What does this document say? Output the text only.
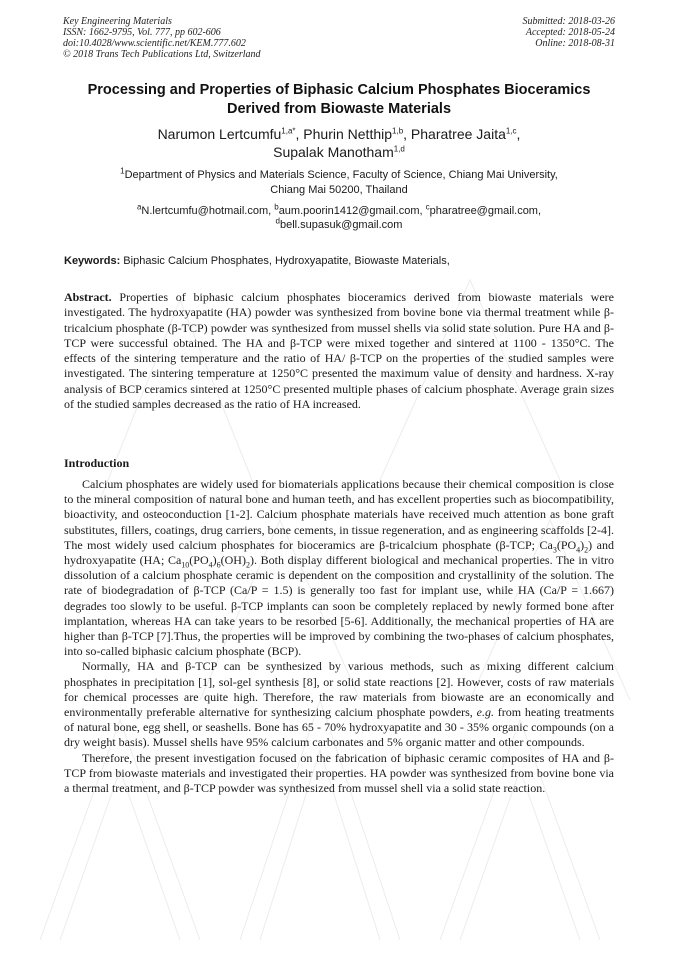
Key Engineering Materials
ISSN: 1662-9795, Vol. 777, pp 602-606
doi:10.4028/www.scientific.net/KEM.777.602
© 2018 Trans Tech Publications Ltd, Switzerland
Submitted: 2018-03-26
Accepted: 2018-05-24
Online: 2018-08-31
Processing and Properties of Biphasic Calcium Phosphates Bioceramics
Derived from Biowaste Materials
Narumon Lertcumfu$^{1,a*}$, Phurin Netthip$^{1,b}$, Pharatree Jaita$^{1,c}$,
Supalak Manotham$^{1,d}$
$^1$Department of Physics and Materials Science, Faculty of Science, Chiang Mai University,
Chiang Mai 50200, Thailand
$^a$N.lertcumfu@hotmail.com, $^b$aum.poorin1412@gmail.com, $^c$pharatree@gmail.com,
$^d$bell.supasuk@gmail.com
Keywords: Biphasic Calcium Phosphates, Hydroxyapatite, Biowaste Materials,
Abstract. Properties of biphasic calcium phosphates bioceramics derived from biowaste materials were investigated. The hydroxyapatite (HA) powder was synthesized from bovine bone via thermal treatment while β-tricalcium phosphate (β-TCP) powder was synthesized from mussel shells via solid state solution. Pure HA and β-TCP were successful obtained. The HA and β-TCP were mixed together and sintered at 1100 - 1350°C. The effects of the sintering temperature and the ratio of HA/ β-TCP on the properties of the studied samples were investigated. The sintering temperature at 1250°C presented the maximum value of density and hardness. X-ray analysis of BCP ceramics sintered at 1250°C presented multiple phases of calcium phosphate. Average grain sizes of the studied samples decreased as the ratio of HA increased.
Introduction

Calcium phosphates are widely used for biomaterials applications because their chemical composition is close to the mineral composition of natural bone and human teeth, and has excellent properties such as biocompatibility, bioactivity, and osteoconduction [1-2]. Calcium phosphate materials have received much attention as bone graft substitutes, fillers, coatings, drug carriers, bone cements, in tissue regeneration, and as engineering scaffolds [2-4]. The most widely used calcium phosphates for bioceramics are β-tricalcium phosphate (β-TCP; $Ca_3(PO_4)_2$) and hydroxyapatite (HA; $Ca_{10}(PO_4)_6(OH)_2$). Both display different biological and mechanical properties. The in vitro dissolution of a calcium phosphate ceramic is dependent on the composition and crystallinity of the solution. The rate of biodegradation of β-TCP (Ca/P = 1.5) is generally too fast for implant use, while HA (Ca/P = 1.667) degrades too slowly to be useful. β-TCP implants can soon be completely replaced by newly formed bone after implantation, whereas HA can take years to be resorbed [5-6]. Additionally, the mechanical properties of HA are higher than β-TCP [7].Thus, the properties will be improved by combining the two-phases of calcium phosphates, into so-called biphasic calcium phosphate (BCP).

Normally, HA and β-TCP can be synthesized by various methods, such as mixing different calcium phosphates in precipitation [1], sol-gel synthesis [8], or solid state reactions [2]. However, costs of raw materials for chemical processes are quite high. Therefore, the raw materials from biowaste are an economically and environmentally preferable alternative for synthesizing calcium phosphate powders, e.g. from heating treatments of natural bone, egg shell, or seashells. Bone has 65 - 70% hydroxyapatite and 30 - 35% organic compounds (on a dry weight basis). Mussel shells have 95% calcium carbonates and 5% organic matter and other compounds.

Therefore, the present investigation focused on the fabrication of biphasic ceramic composites of HA and β-TCP from biowaste materials and investigated their properties. HA powder was synthesized from bovine bone via a thermal treatment, and β-TCP powder was synthesized from mussel shell via a solid state reaction.
